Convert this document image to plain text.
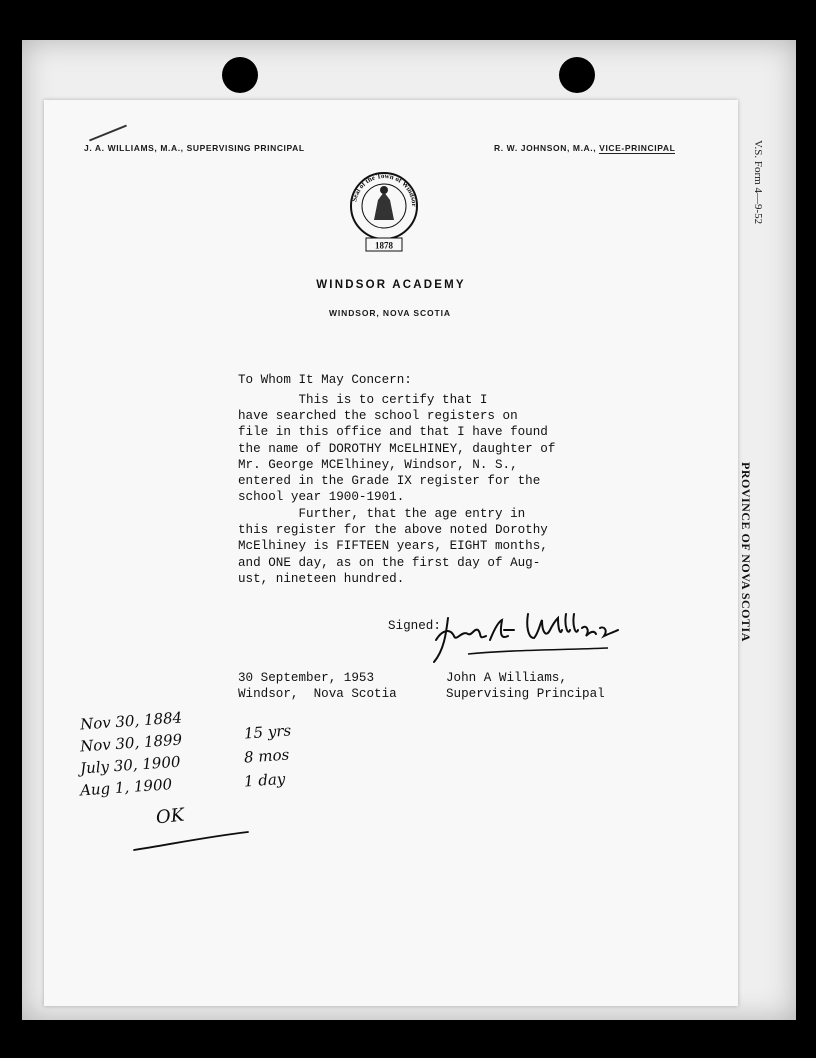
V.S. Form 4—9-52
PROVINCE OF NOVA SCOTIA
J. A. WILLIAMS, M.A., SUPERVISING PRINCIPAL	R. W. JOHNSON, M.A., VICE-PRINCIPAL
Seal of the Town of Windsor
1878
WINDSOR ACADEMY
WINDSOR, NOVA SCOTIA
To Whom It May Concern:
This is to certify that I
have searched the school registers on
file in this office and that I have found
the name of DOROTHY McELHINEY, daughter of
Mr. George MCElhiney, Windsor, N. S.,
entered in the Grade IX register for the
school year 1900-1901.
Further, that the age entry in
this register for the above noted Dorothy
McElhiney is FIFTEEN years, EIGHT months,
and ONE day, as on the first day of Aug-
ust, nineteen hundred.
Signed:
30 September, 1953
Windsor,  Nova Scotia
John A Williams,
Supervising Principal
Nov 30, 1884
Nov 30, 1899
July 30, 1900
Aug 1, 1900
15 yrs
8 mos
1 day
OK
